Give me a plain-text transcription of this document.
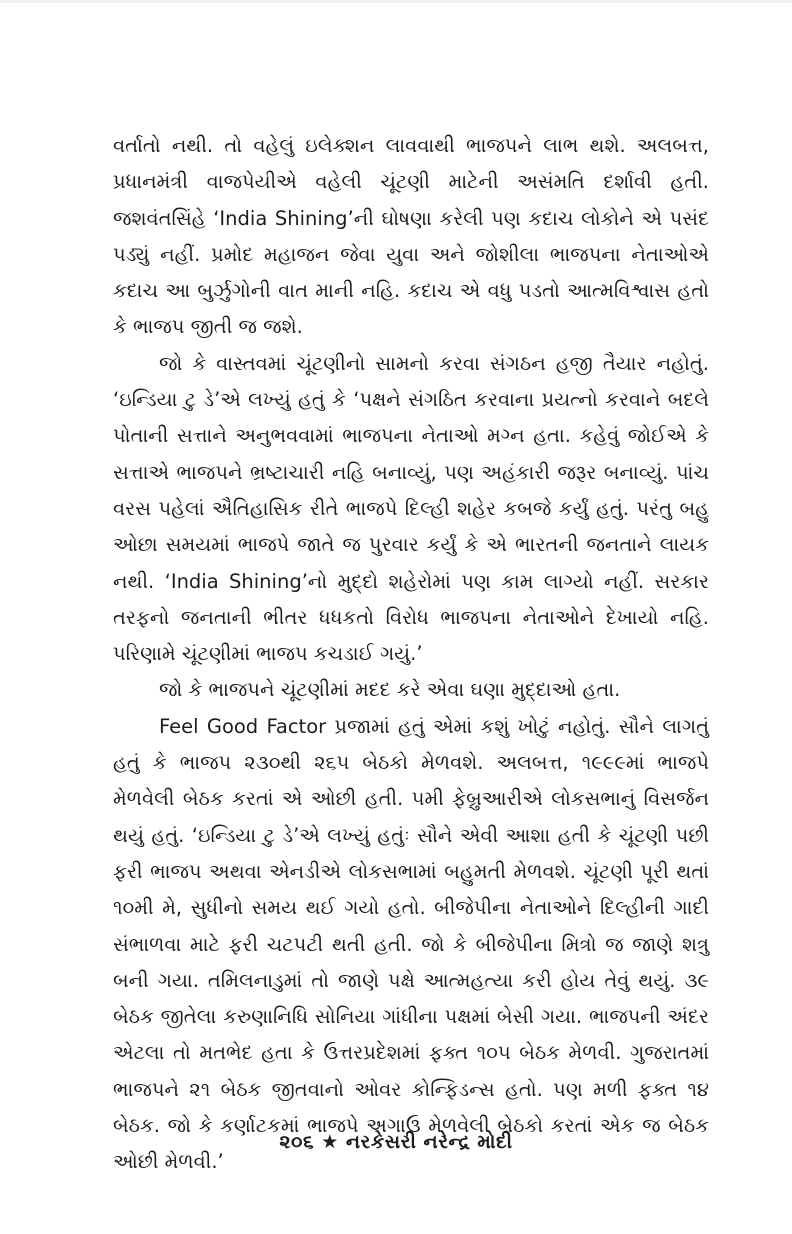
વર્તાતો નથી. તો વહેલું ઇલેક્શન લાવવાથી ભાજપને લાભ થશે. અલબત્ત, પ્રધાનમંત્રી વાજપેયીએ વહેલી ચૂંટણી માટેની અસંમતિ દર્શાવી હતી. જશવંતસિંહે ‘India Shining’ની ઘોષણા કરેલી પણ કદાચ લોકોને એ પસંદ પડ્યું નહીં. પ્રમોદ મહાજન જેવા યુવા અને જોશીલા ભાજપના નેતાઓએ કદાચ આ બુર્ઝુગોની વાત માની નહિ. કદાચ એ વધુ પડતો આત્મવિશ્વાસ હતો કે ભાજપ જીતી જ જશે.

જો કે વાસ્તવમાં ચૂંટણીનો સામનો કરવા સંગઠન હજી તૈયાર નહોતું. ‘ઇન્ડિયા ટુ ડે’એ લખ્યું હતું કે ‘પક્ષને સંગઠિત કરવાના પ્રયત્નો કરવાને બદલે પોતાની સત્તાને અનુભવવામાં ભાજપના નેતાઓ મગ્ન હતા. કહેવું જોઈએ કે સત્તાએ ભાજપને ભ્રષ્ટાચારી નહિ બનાવ્યું, પણ અહંકારી જરૂર બનાવ્યું. પાંચ વરસ પહેલાં ઐતિહાસિક રીતે ભાજપે દિલ્હી શહેર કબજે કર્યું હતું. પરંતુ બહુ ઓછા સમયમાં ભાજપે જાતે જ પુરવાર કર્યું કે એ ભારતની જનતાને લાયક નથી. ‘India Shining’નો મુદ્દો શહેરોમાં પણ કામ લાગ્યો નહીં. સરકાર તરફનો જનતાની ભીતર ધધકતો વિરોધ ભાજપના નેતાઓને દેખાયો નહિ. પરિણામે ચૂંટણીમાં ભાજપ કચડાઈ ગયું.’

જો કે ભાજપને ચૂંટણીમાં મદદ કરે એવા ઘણા મુદ્દાઓ હતા.

Feel Good Factor પ્રજામાં હતું એમાં કશું ખોટું નહોતું. સૌને લાગતું હતું કે ભાજપ ૨૩૦થી ૨૬૫ બેઠકો મેળવશે. અલબત્ત, ૧૯૯૯માં ભાજપે મેળવેલી બેઠક કરતાં એ ઓછી હતી. ૫મી ફેબ્રુઆરીએ લોકસભાનું વિસર્જન થયું હતું. ‘ઇન્ડિયા ટુ ડે’એ લખ્યું હતુંઃ સૌને એવી આશા હતી કે ચૂંટણી પછી ફરી ભાજપ અથવા એનડીએ લોકસભામાં બહુમતી મેળવશે. ચૂંટણી પૂરી થતાં ૧૦મી મે, સુધીનો સમય થઈ ગયો હતો. બીજેપીના નેતાઓને દિલ્હીની ગાદી સંભાળવા માટે ફરી ચટપટી થતી હતી. જો કે બીજેપીના મિત્રો જ જાણે શત્રુ બની ગયા. તમિલનાડુમાં તો જાણે પક્ષે આત્મહત્યા કરી હોય તેવું થયું. ૩૯ બેઠક જીતેલા કરુણાનિધિ સોનિયા ગાંધીના પક્ષમાં બેસી ગયા. ભાજપની અંદર એટલા તો મતભેદ હતા કે ઉત્તરપ્રદેશમાં ફક્ત ૧૦૫ બેઠક મેળવી. ગુજરાતમાં ભાજપને ૨૧ બેઠક જીતવાનો ઓવર કોન્ફિડન્સ હતો. પણ મળી ફક્ત ૧૪ બેઠક. જો કે કર્ણાટકમાં ભાજપે અગાઉ મેળવેલી બેઠકો કરતાં એક જ બેઠક ઓછી મેળવી.’

૨૦૬ ★ નરકેસરી નરેન્દ્ર મોદી
